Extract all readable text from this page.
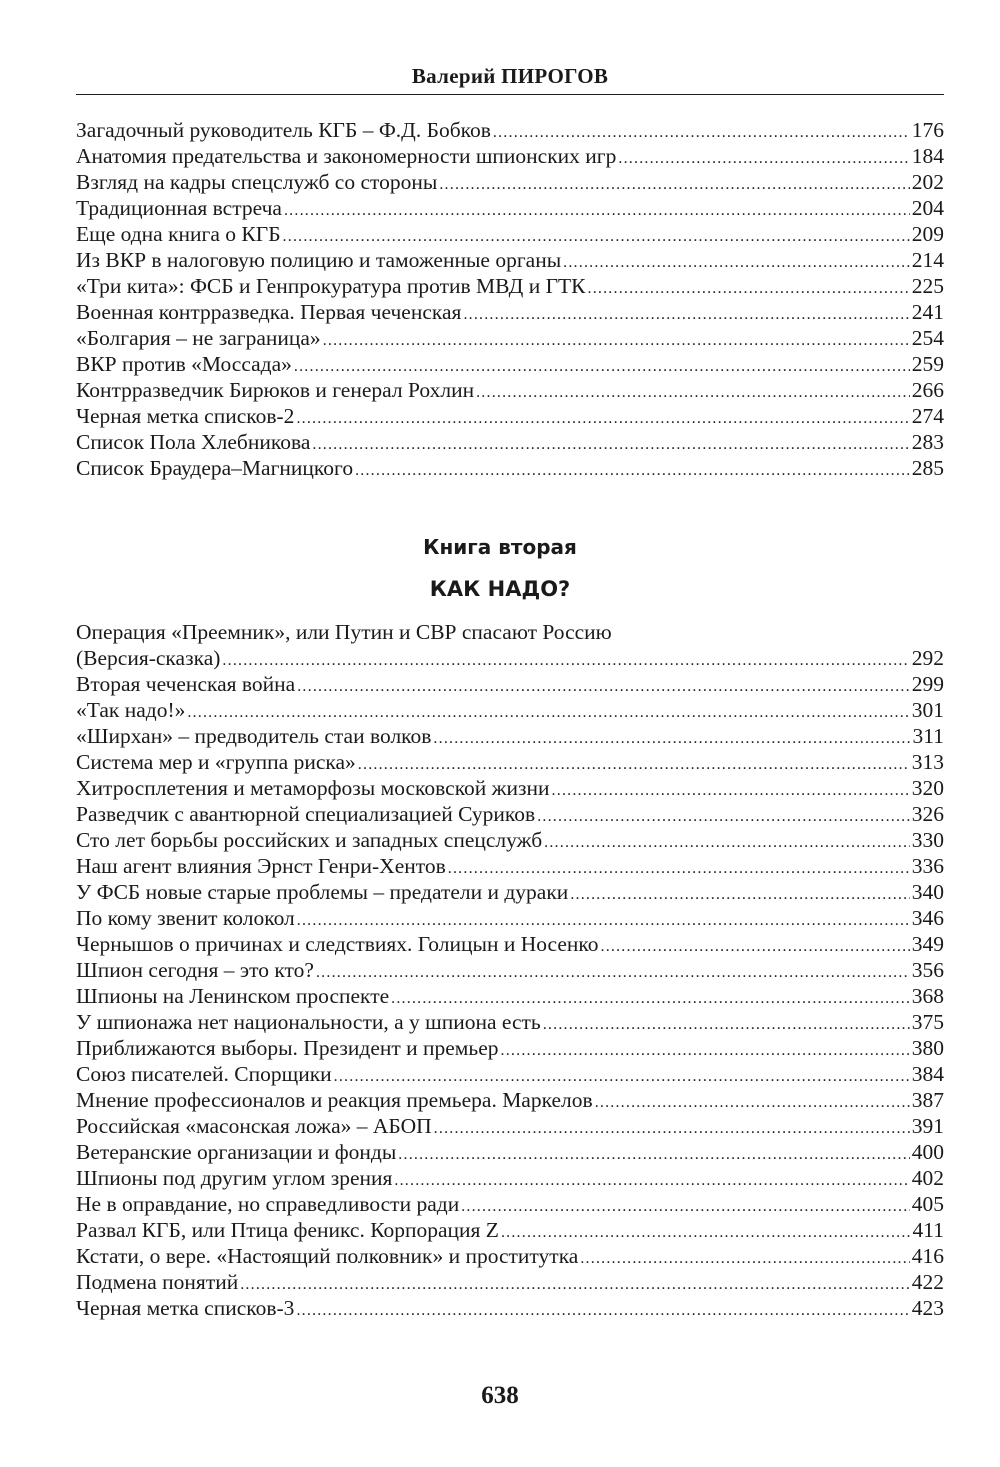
Валерий ПИРОГОВ
Загадочный руководитель КГБ – Ф.Д. Бобков .....	176
Анатомия предательства и закономерности шпионских игр .....	184
Взгляд на кадры спецслужб со стороны .....	202
Традиционная встреча .....	204
Еще одна книга о КГБ .....	209
Из ВКР в налоговую полицию и таможенные органы .....	214
«Три кита»: ФСБ и Генпрокуратура против МВД и ГТК .....	225
Военная контрразведка. Первая чеченская .....	241
«Болгария – не заграница» .....	254
ВКР против «Моссада» .....	259
Контрразведчик Бирюков и генерал Рохлин .....	266
Черная метка списков-2 .....	274
Список Пола Хлебникова .....	283
Список Браудера–Магницкого .....	285
Книга вторая
КАК НАДО?
Операция «Преемник», или Путин и СВР спасают Россию
(Версия-сказка) .....	292
Вторая чеченская война .....	299
«Так надо!» .....	301
«Ширхан» – предводитель стаи волков .....	311
Система мер и «группа риска» .....	313
Хитросплетения и метаморфозы московской жизни .....	320
Разведчик с авантюрной специализацией Суриков .....	326
Сто лет борьбы российских и западных спецслужб .....	330
Наш агент влияния Эрнст Генри-Хентов .....	336
У ФСБ новые старые проблемы – предатели и дураки .....	340
По кому звенит колокол .....	346
Чернышов о причинах и следствиях. Голицын и Носенко .....	349
Шпион сегодня – это кто? .....	356
Шпионы на Ленинском проспекте .....	368
У шпионажа нет национальности, а у шпиона есть .....	375
Приближаются выборы. Президент и премьер .....	380
Союз писателей. Спорщики .....	384
Мнение профессионалов и реакция премьера. Маркелов .....	387
Российская «масонская ложа» – АБОП .....	391
Ветеранские организации и фонды .....	400
Шпионы под другим углом зрения .....	402
Не в оправдание, но справедливости ради .....	405
Развал КГБ, или Птица феникс. Корпорация Z .....	411
Кстати, о вере. «Настоящий полковник» и проститутка .....	416
Подмена понятий .....	422
Черная метка списков-3 .....	423
638
